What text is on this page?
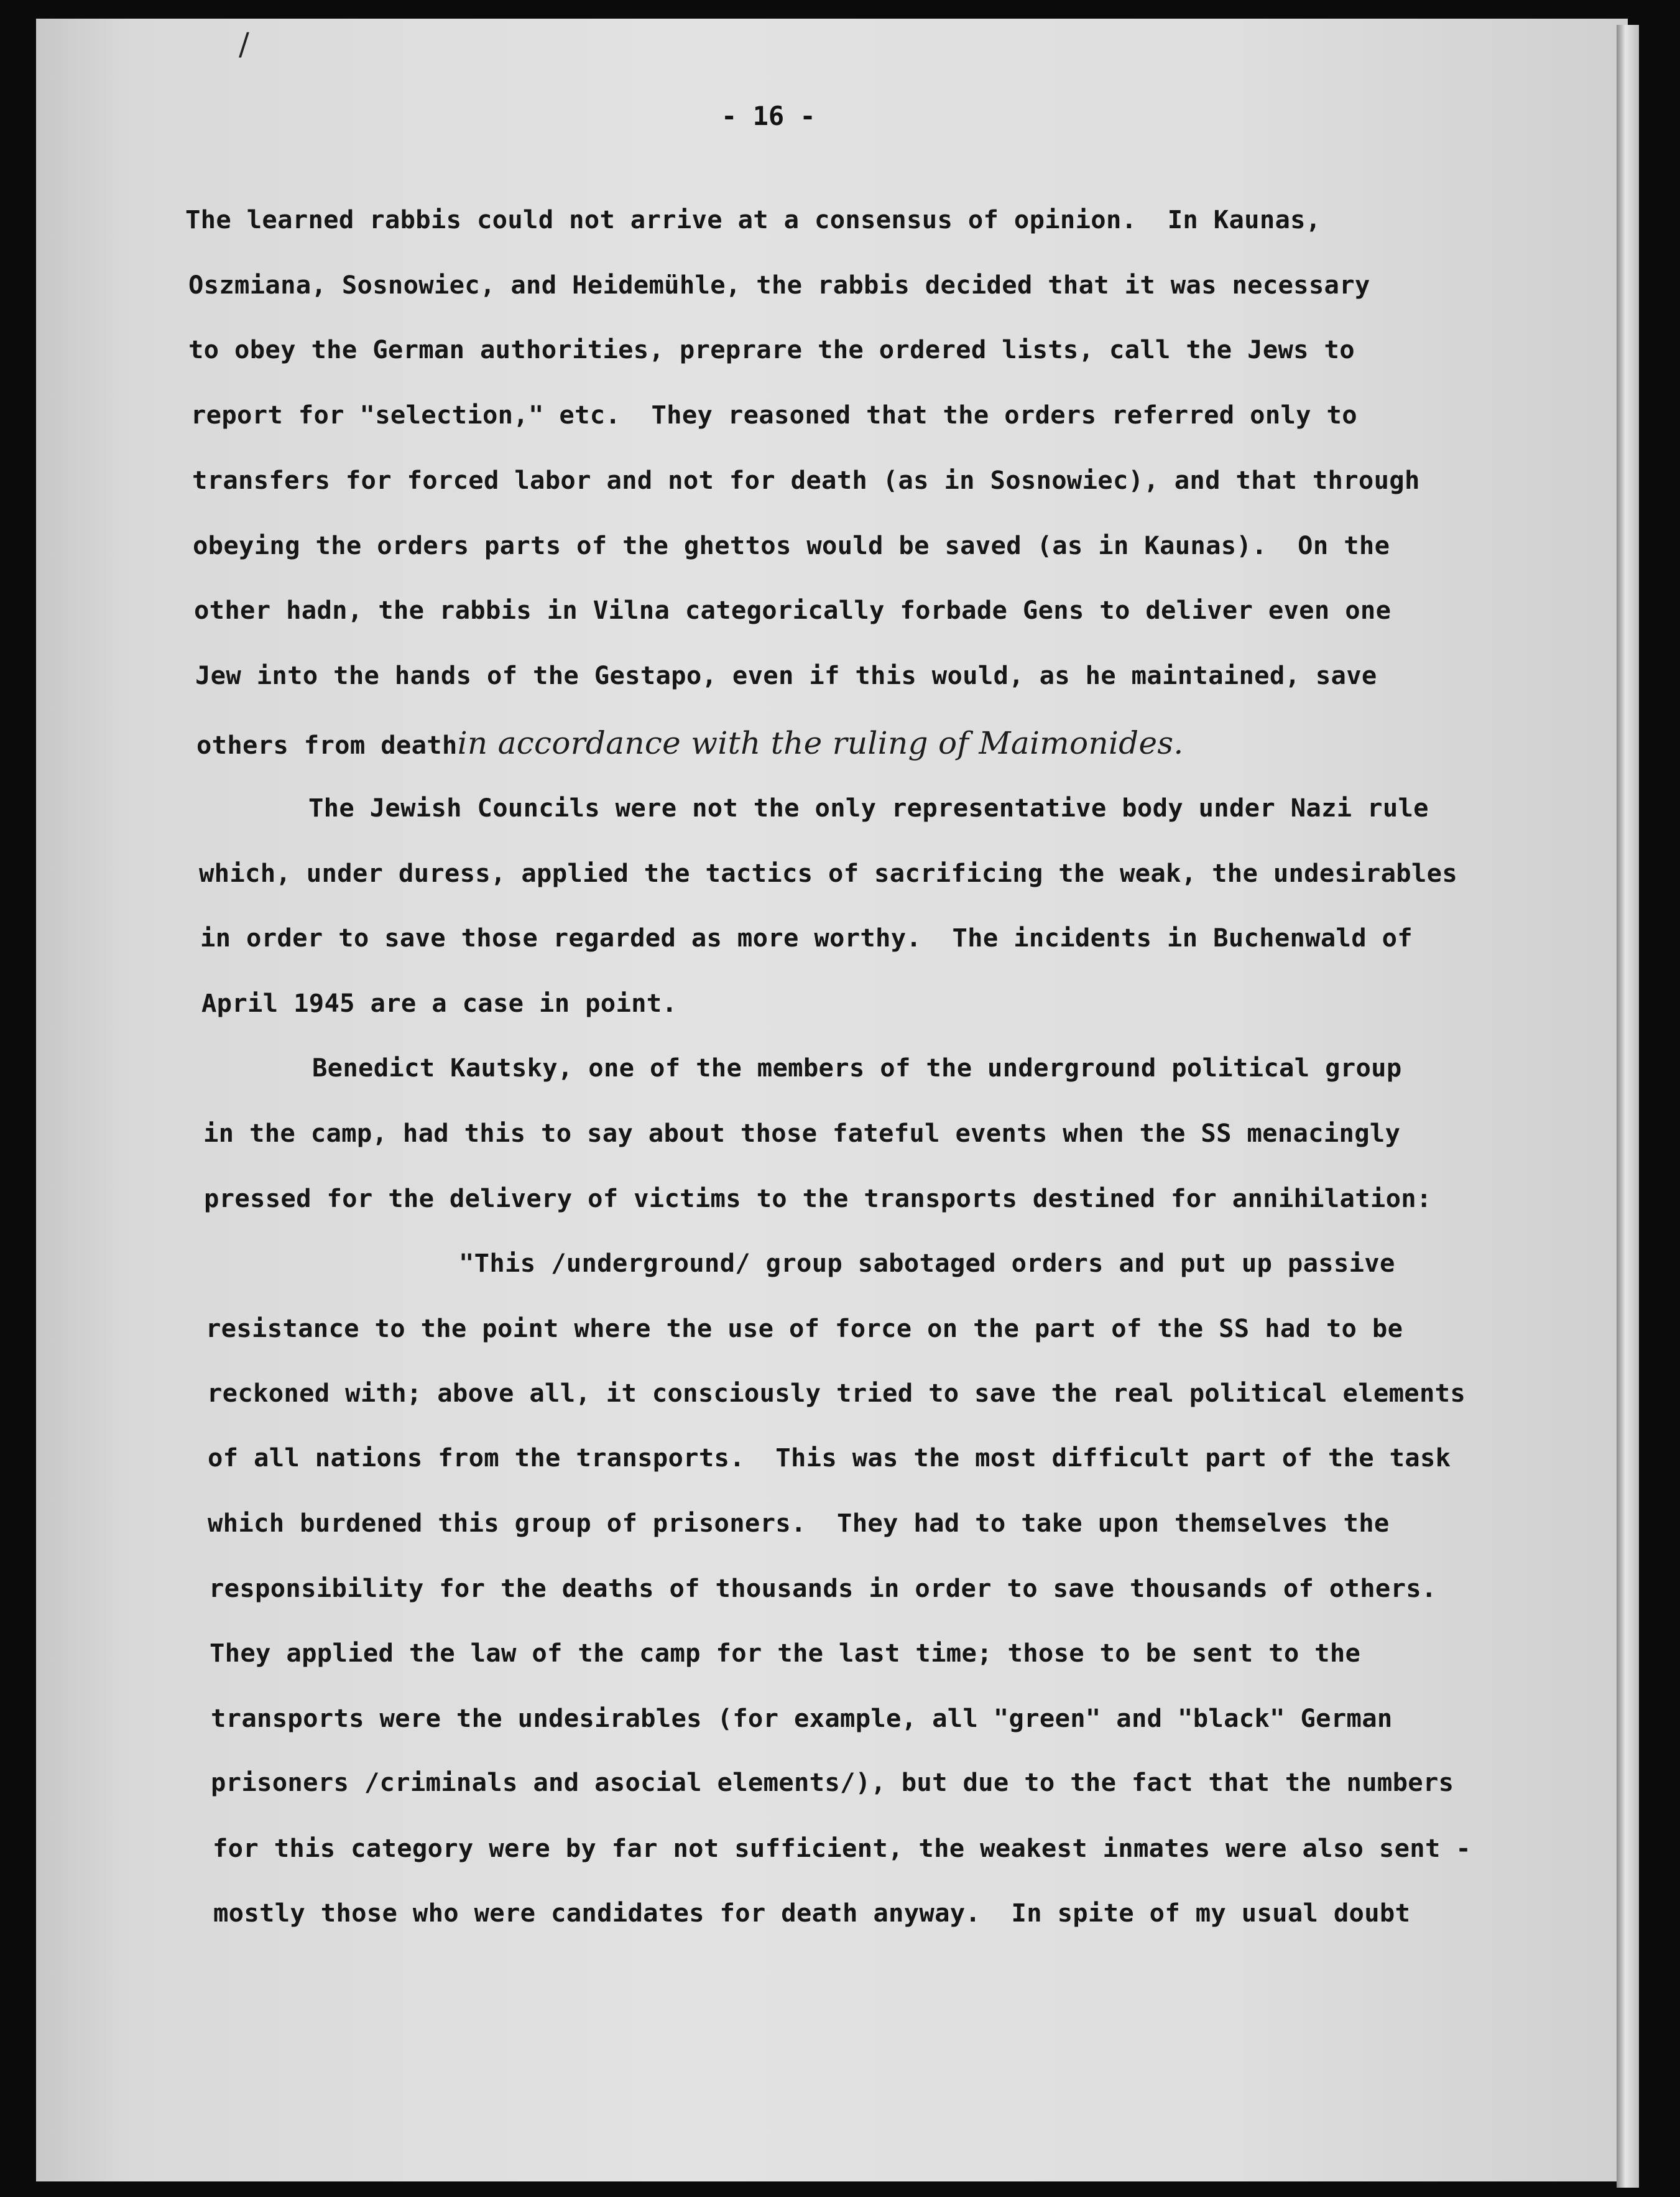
/
- 16 -

The learned rabbis could not arrive at a consensus of opinion.  In Kaunas,

Oszmiana, Sosnowiec, and Heidemühle, the rabbis decided that it was necessary

to obey the German authorities, preprare the ordered lists, call the Jews to

report for "selection," etc.  They reasoned that the orders referred only to

transfers for forced labor and not for death (as in Sosnowiec), and that through

obeying the orders parts of the ghettos would be saved (as in Kaunas).  On the

other hadn, the rabbis in Vilna categorically forbade Gens to deliver even one

Jew into the hands of the Gestapo, even if this would, as he maintained, save

others from deathin accordance with the ruling of Maimonides.

The Jewish Councils were not the only representative body under Nazi rule

which, under duress, applied the tactics of sacrificing the weak, the undesirables

in order to save those regarded as more worthy.  The incidents in Buchenwald of

April 1945 are a case in point.

Benedict Kautsky, one of the members of the underground political group

in the camp, had this to say about those fateful events when the SS menacingly

pressed for the delivery of victims to the transports destined for annihilation:

"This /underground/ group sabotaged orders and put up passive

resistance to the point where the use of force on the part of the SS had to be

reckoned with; above all, it consciously tried to save the real political elements

of all nations from the transports.  This was the most difficult part of the task

which burdened this group of prisoners.  They had to take upon themselves the

responsibility for the deaths of thousands in order to save thousands of others.

They applied the law of the camp for the last time; those to be sent to the

transports were the undesirables (for example, all "green" and "black" German

prisoners /criminals and asocial elements/), but due to the fact that the numbers

for this category were by far not sufficient, the weakest inmates were also sent -

mostly those who were candidates for death anyway.  In spite of my usual doubt
